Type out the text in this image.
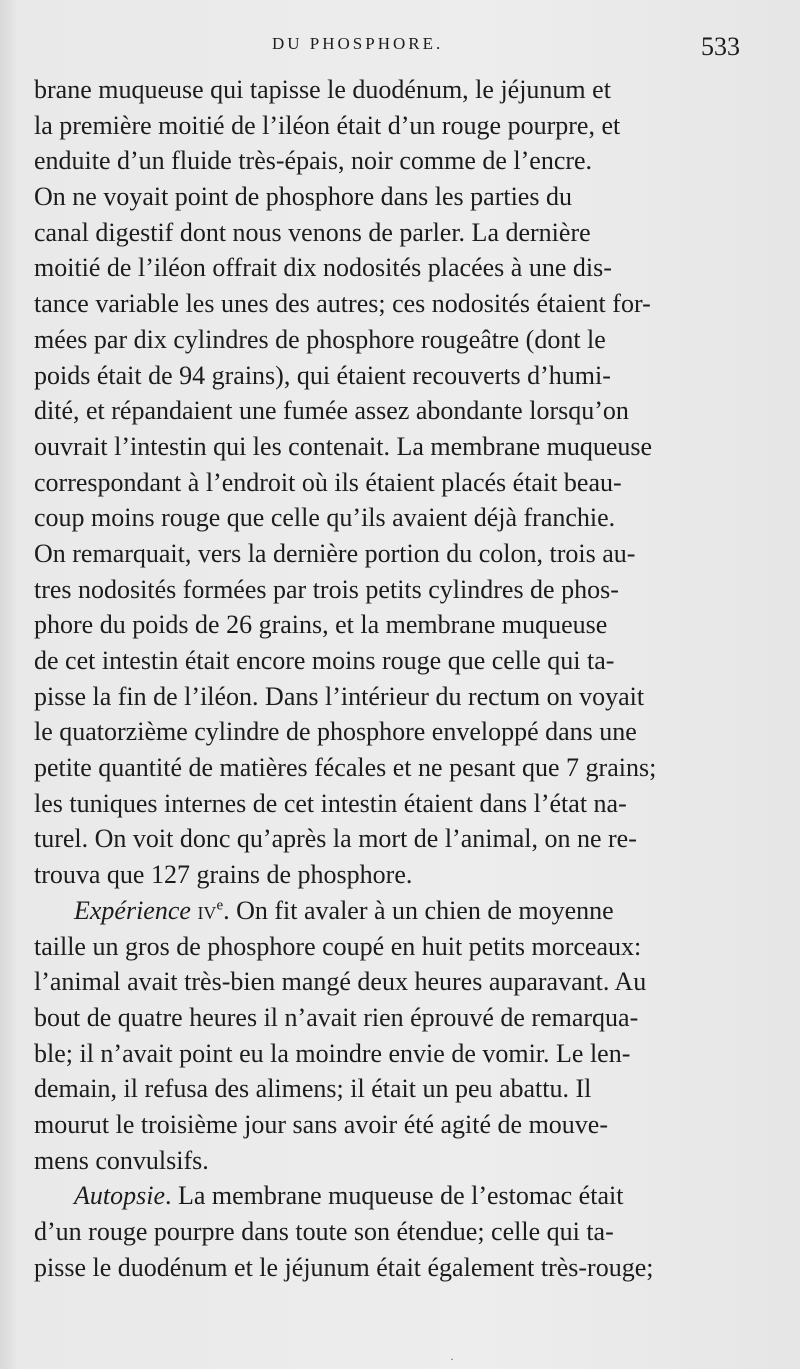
DU PHOSPHORE.	533
brane muqueuse qui tapisse le duodénum, le jéjunum et
la première moitié de l’iléon était d’un rouge pourpre, et
enduite d’un fluide très-épais, noir comme de l’encre.
On ne voyait point de phosphore dans les parties du
canal digestif dont nous venons de parler. La dernière
moitié de l’iléon offrait dix nodosités placées à une dis-
tance variable les unes des autres; ces nodosités étaient for-
mées par dix cylindres de phosphore rougeâtre (dont le
poids était de 94 grains), qui étaient recouverts d’humi-
dité, et répandaient une fumée assez abondante lorsqu’on
ouvrait l’intestin qui les contenait. La membrane muqueuse
correspondant à l’endroit où ils étaient placés était beau-
coup moins rouge que celle qu’ils avaient déjà franchie.
On remarquait, vers la dernière portion du colon, trois au-
tres nodosités formées par trois petits cylindres de phos-
phore du poids de 26 grains, et la membrane muqueuse
de cet intestin était encore moins rouge que celle qui ta-
pisse la fin de l’iléon. Dans l’intérieur du rectum on voyait
le quatorzième cylindre de phosphore enveloppé dans une
petite quantité de matières fécales et ne pesant que 7 grains;
les tuniques internes de cet intestin étaient dans l’état na-
turel. On voit donc qu’après la mort de l’animal, on ne re-
trouva que 127 grains de phosphore.
Expérience $iv^e$. On fit avaler à un chien de moyenne
taille un gros de phosphore coupé en huit petits morceaux:
l’animal avait très-bien mangé deux heures auparavant. Au
bout de quatre heures il n’avait rien éprouvé de remarqua-
ble; il n’avait point eu la moindre envie de vomir. Le len-
demain, il refusa des alimens; il était un peu abattu. Il
mourut le troisième jour sans avoir été agité de mouve-
mens convulsifs.
Autopsie. La membrane muqueuse de l’estomac était
d’un rouge pourpre dans toute son étendue; celle qui ta-
pisse le duodénum et le jéjunum était également très-rouge;
·
